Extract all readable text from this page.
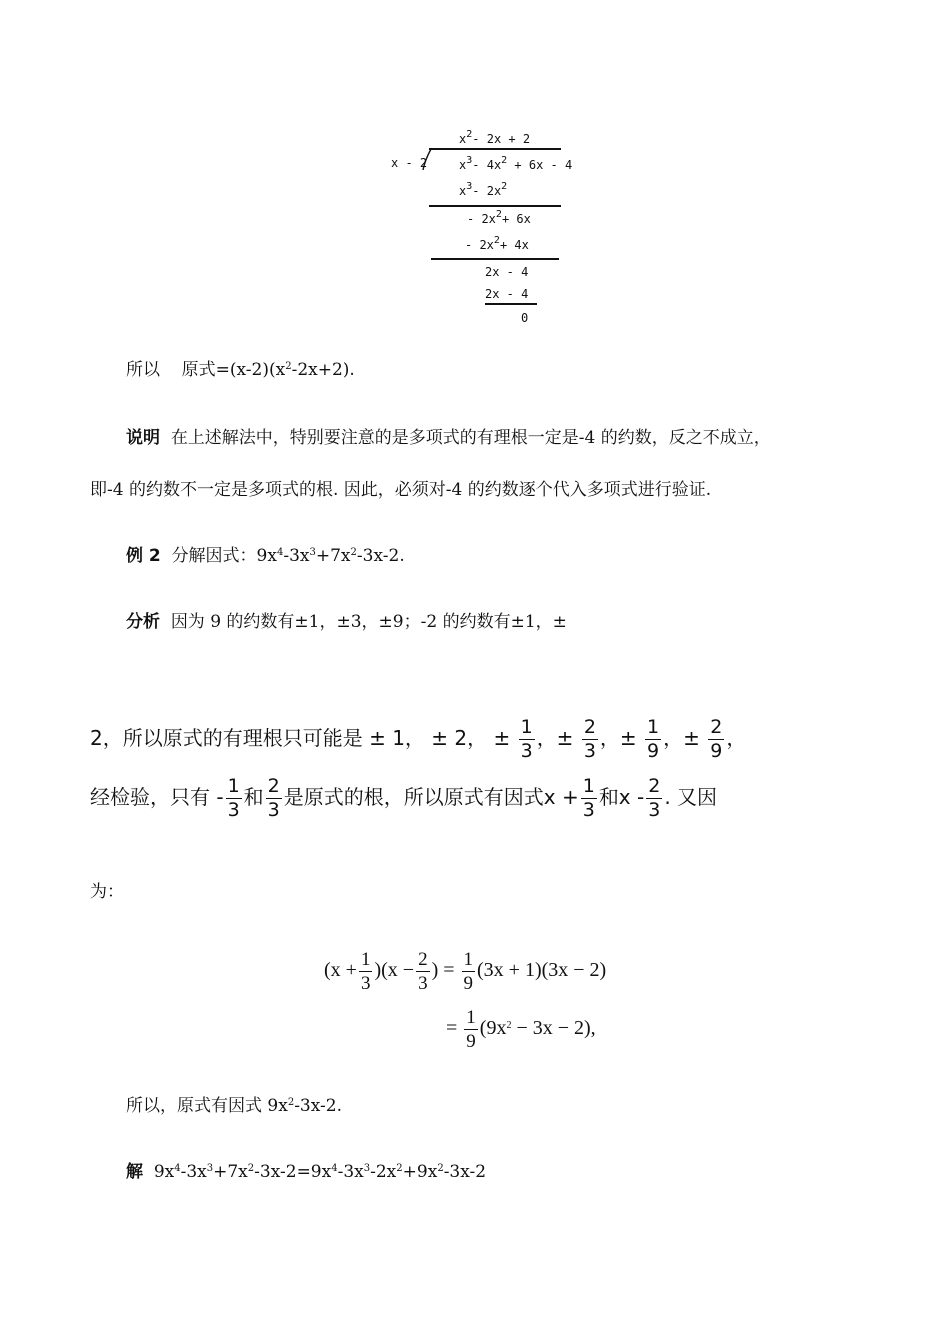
$x^2-$ 2x + 2
x - 2	$x^3-$ $4x^2 + 6x - 4$
$x^3-$ $2x^2$
- $2x^2+ 6x$
- $2x^2+ 4x$
2x - 4
2x - 4
0
所以 原式$=(x-2)(x^2-2x+2)$.
说明 在上述解法中，特别要注意的是多项式的有理根一定是-4 的约数，反之不成立，
即-4 的约数不一定是多项式的根. 因此，必须对-4 的约数逐个代入多项式进行验证.
例 2 分解因式：$9x^4-3x^3+7x^2-3x-2$.
分析 因为 9 的约数有±1，±3，±9；-2 的约数有±1，±
2，所以原式的有理根只可能是 ± 1， ± 2， ± $\frac{1}{3}$ ，± $\frac{2}{3}$ ，± $\frac{1}{9}$ ，± $\frac{2}{9}$ ，
经检验，只有 - $\frac{1}{3}$ 和 $\frac{2}{3}$ 是原式的根，所以原式有因式$x + \frac{1}{3}$ 和x - $\frac{2}{3}$ . 又因
为：
$(x + \frac{1}{3} )(x - \frac{2}{3}$ ) = $\frac{1}{9} (3x + 1)(3x - 2)$
= $\frac{1}{9} (9x^2 - 3x - 2)$,
所以，原式有因式 $9x^2-3x-2$.
解 $9x^4-3x^3+7x^2-3x-2=9x^4-3x^3-2x^2+9x^2-3x-2$
